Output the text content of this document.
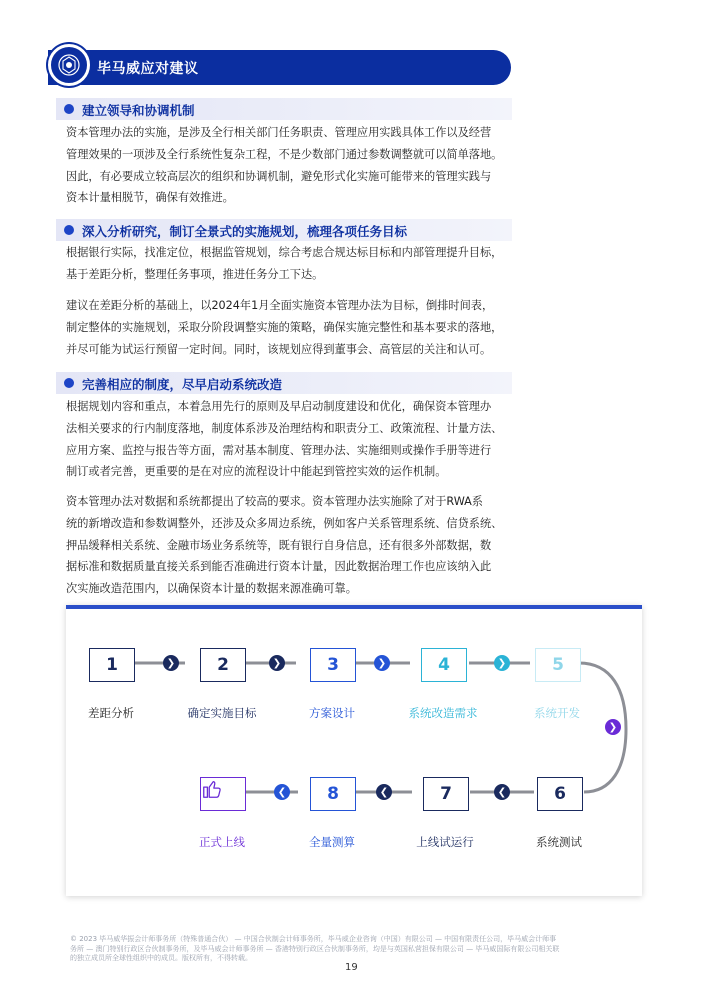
毕马威应对建议
建立领导和协调机制

资本管理办法的实施，是涉及全行相关部门任务职责、管理应用实践具体工作以及经营

管理效果的一项涉及全行系统性复杂工程，不是少数部门通过参数调整就可以简单落地。

因此，有必要成立较高层次的组织和协调机制，避免形式化实施可能带来的管理实践与

资本计量相脱节，确保有效推进。

深入分析研究，制订全景式的实施规划，梳理各项任务目标

根据银行实际，找准定位，根据监管规划，综合考虑合规达标目标和内部管理提升目标，

基于差距分析，整理任务事项，推进任务分工下达。

建议在差距分析的基础上，以2024年1月全面实施资本管理办法为目标，倒排时间表，

制定整体的实施规划，采取分阶段调整实施的策略，确保实施完整性和基本要求的落地，

并尽可能为试运行预留一定时间。同时，该规划应得到董事会、高管层的关注和认可。

完善相应的制度，尽早启动系统改造

根据规划内容和重点，本着急用先行的原则及早启动制度建设和优化，确保资本管理办

法相关要求的行内制度落地，制度体系涉及治理结构和职责分工、政策流程、计量方法、

应用方案、监控与报告等方面，需对基本制度、管理办法、实施细则或操作手册等进行

制订或者完善，更重要的是在对应的流程设计中能起到管控实效的运作机制。

资本管理办法对数据和系统都提出了较高的要求。资本管理办法实施除了对于RWA系

统的新增改造和参数调整外，还涉及众多周边系统，例如客户关系管理系统、信贷系统、

押品缓释相关系统、金融市场业务系统等，既有银行自身信息，还有很多外部数据，数

据标准和数据质量直接关系到能否准确进行资本计量，因此数据治理工作也应该纳入此

次实施改造范围内，以确保资本计量的数据来源准确可靠。

❯	❯	❯	❯
❯
❮
❮
❮
1	2	3	4	5
差距分析	确定实施目标	方案设计	系统改造需求	系统开发
8	7	6
正式上线	全量测算	上线试运行	系统测试
© 2023 毕马威华振会计师事务所（特殊普通合伙） — 中国合伙制会计师事务所，毕马威企业咨询（中国）有限公司 — 中国有限责任公司，毕马威会计师事
务所 — 澳门特别行政区合伙制事务所，及毕马威会计师事务所 — 香港特别行政区合伙制事务所，均是与英国私营担保有限公司 — 毕马威国际有限公司相关联
的独立成员所全球性组织中的成员。版权所有，不得转载。
19
